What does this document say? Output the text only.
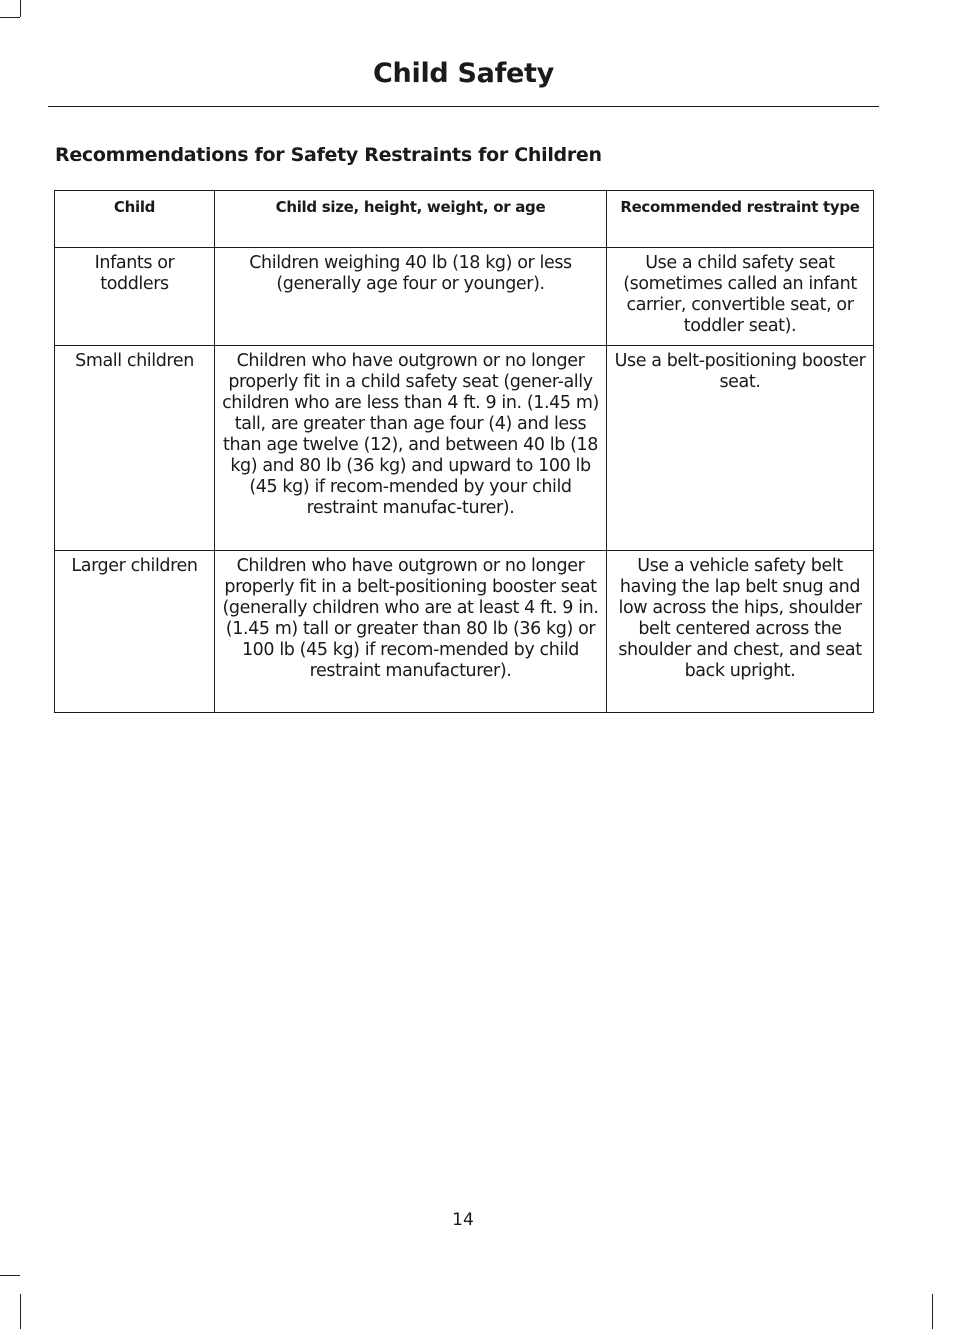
Child Safety
Recommendations for Safety Restraints for Children
Child	Child size, height, weight, or age	Recommended restraint type
Infants or toddlers	Children weighing 40 lb (18 kg) or less (generally age four or younger).	Use a child safety seat (sometimes called an infant carrier, convertible seat, or toddler seat).
Small children	Children who have outgrown or no longer properly fit in a child safety seat (gener-ally children who are less than 4 ft. 9 in. (1.45 m) tall, are greater than age four (4) and less than age twelve (12), and between 40 lb (18 kg) and 80 lb (36 kg) and upward to 100 lb (45 kg) if recom-mended by your child restraint manufac-turer).	Use a belt-positioning booster seat.
Larger children	Children who have outgrown or no longer properly fit in a belt-positioning booster seat (generally children who are at least 4 ft. 9 in. (1.45 m) tall or greater than 80 lb (36 kg) or 100 lb (45 kg) if recom-mended by child restraint manufacturer).	Use a vehicle safety belt having the lap belt snug and low across the hips, shoulder belt centered across the shoulder and chest, and seat back upright.
14
